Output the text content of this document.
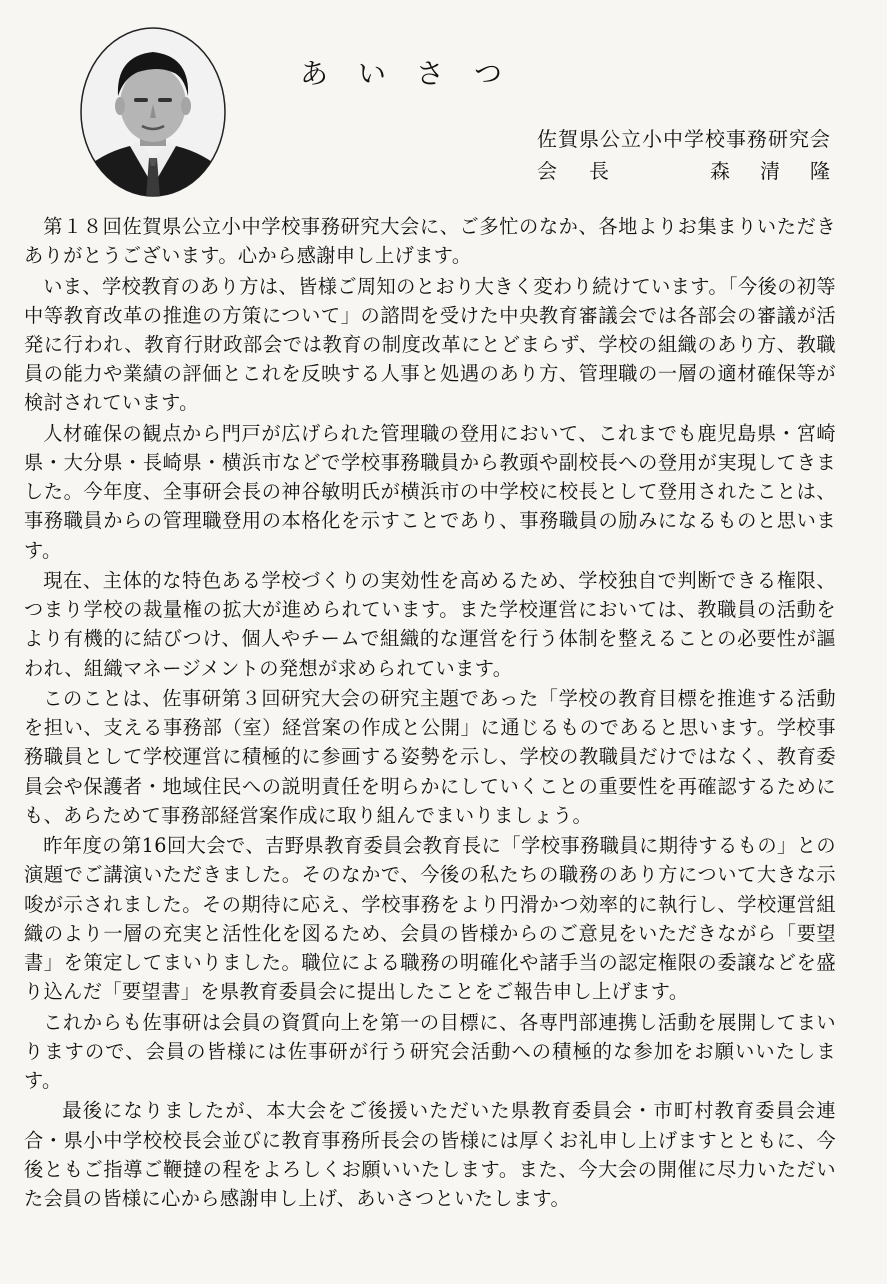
あいさつ
佐賀県公立小中学校事務研究会
会 長	森 清 隆

第１８回佐賀県公立小中学校事務研究大会に、ご多忙のなか、各地よりお集まりいただきありがとうございます。心から感謝申し上げます。

いま、学校教育のあり方は、皆様ご周知のとおり大きく変わり続けています。「今後の初等中等教育改革の推進の方策について」の諮問を受けた中央教育審議会では各部会の審議が活発に行われ、教育行財政部会では教育の制度改革にとどまらず、学校の組織のあり方、教職員の能力や業績の評価とこれを反映する人事と処遇のあり方、管理職の一層の適材確保等が検討されています。

人材確保の観点から門戸が広げられた管理職の登用において、これまでも鹿児島県・宮崎県・大分県・長崎県・横浜市などで学校事務職員から教頭や副校長への登用が実現してきました。今年度、全事研会長の神谷敏明氏が横浜市の中学校に校長として登用されたことは、事務職員からの管理職登用の本格化を示すことであり、事務職員の励みになるものと思います。

現在、主体的な特色ある学校づくりの実効性を高めるため、学校独自で判断できる権限、つまり学校の裁量権の拡大が進められています。また学校運営においては、教職員の活動をより有機的に結びつけ、個人やチームで組織的な運営を行う体制を整えることの必要性が謳われ、組織マネージメントの発想が求められています。

このことは、佐事研第３回研究大会の研究主題であった「学校の教育目標を推進する活動を担い、支える事務部（室）経営案の作成と公開」に通じるものであると思います。学校事務職員として学校運営に積極的に参画する姿勢を示し、学校の教職員だけではなく、教育委員会や保護者・地域住民への説明責任を明らかにしていくことの重要性を再確認するためにも、あらためて事務部経営案作成に取り組んでまいりましょう。

昨年度の第16回大会で、吉野県教育委員会教育長に「学校事務職員に期待するもの」との演題でご講演いただきました。そのなかで、今後の私たちの職務のあり方について大きな示唆が示されました。その期待に応え、学校事務をより円滑かつ効率的に執行し、学校運営組織のより一層の充実と活性化を図るため、会員の皆様からのご意見をいただきながら「要望書」を策定してまいりました。職位による職務の明確化や諸手当の認定権限の委譲などを盛り込んだ「要望書」を県教育委員会に提出したことをご報告申し上げます。

これからも佐事研は会員の資質向上を第一の目標に、各専門部連携し活動を展開してまいりますので、会員の皆様には佐事研が行う研究会活動への積極的な参加をお願いいたします。

最後になりましたが、本大会をご後援いただいた県教育委員会・市町村教育委員会連合・県小中学校校長会並びに教育事務所長会の皆様には厚くお礼申し上げますとともに、今後ともご指導ご鞭撻の程をよろしくお願いいたします。また、今大会の開催に尽力いただいた会員の皆様に心から感謝申し上げ、あいさつといたします。
